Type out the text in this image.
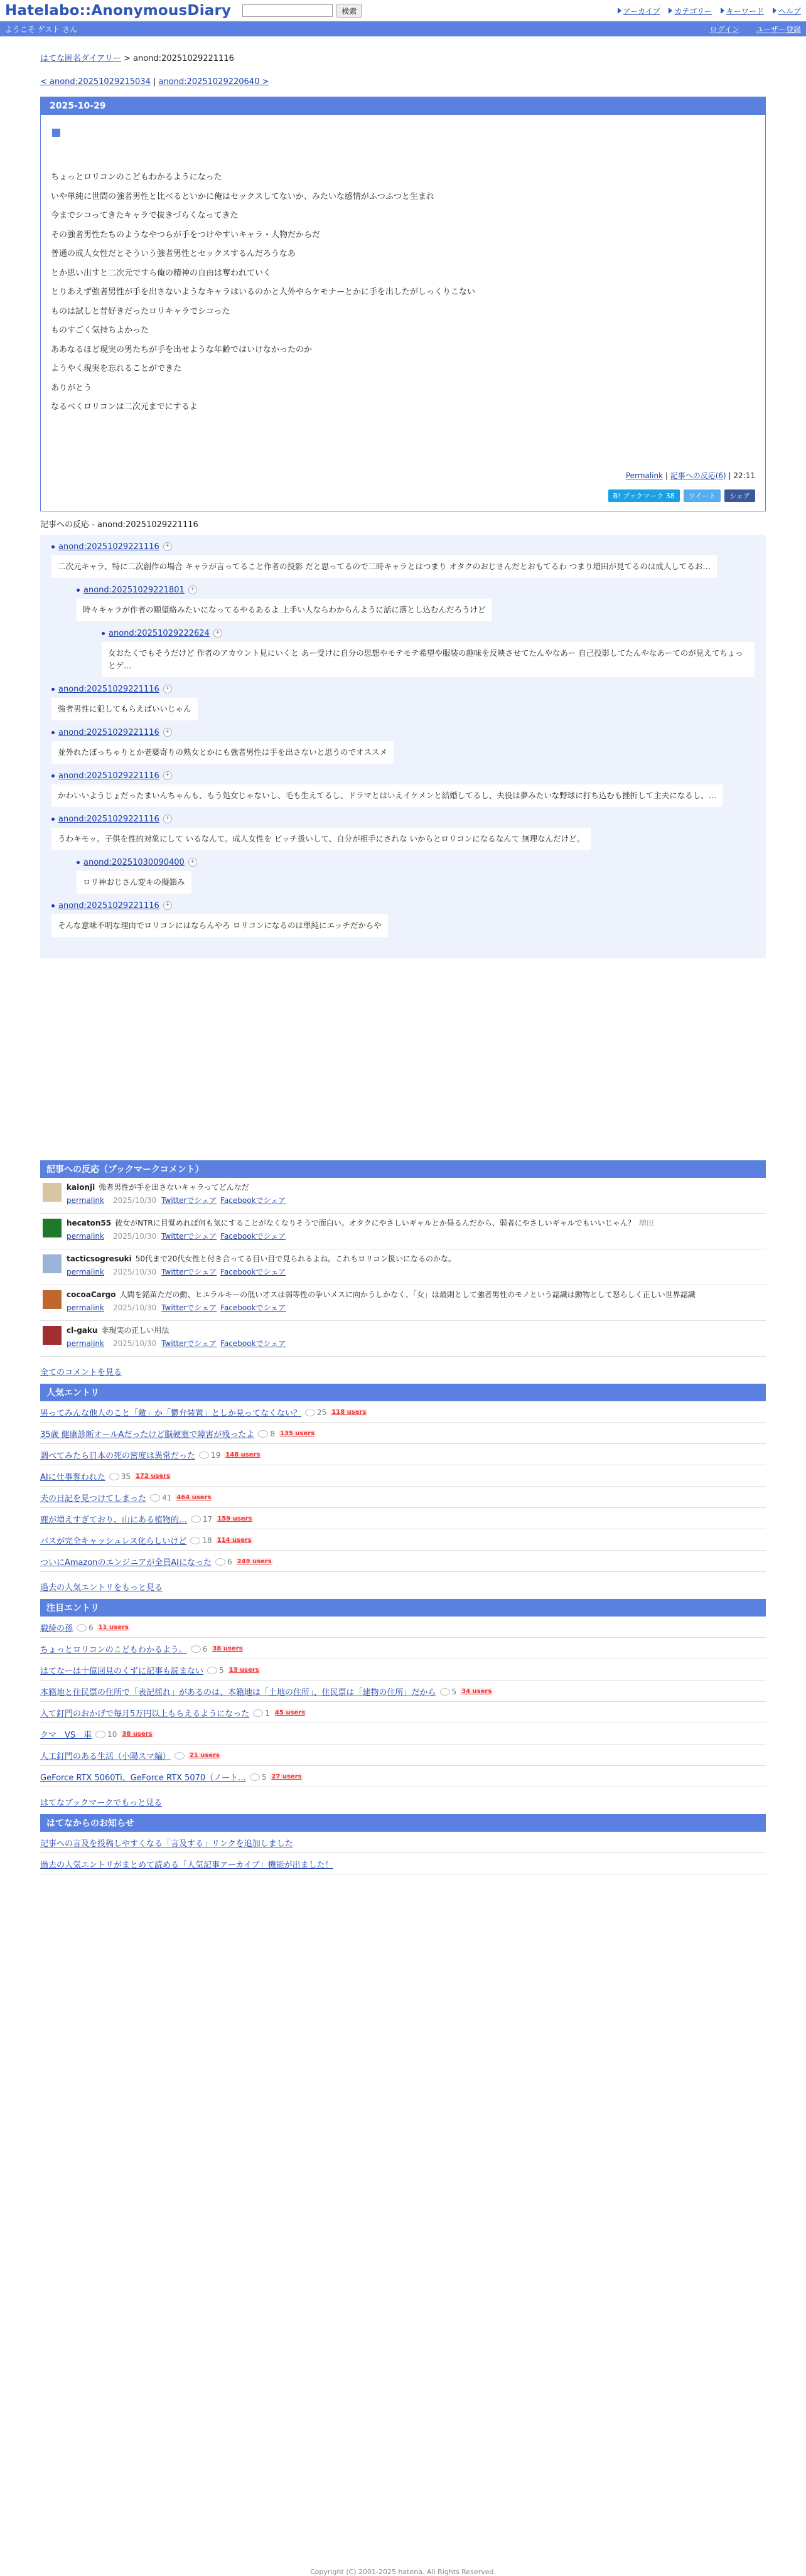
Hatelabo::AnonymousDiary	検索	アーカイブ カテゴリー キーワード ヘルプ
ようこそ ゲスト さん	ログイン ユーザー登録
はてな匿名ダイアリー > anond:20251029221116
< anond:20251029215034 | anond:20251029220640 >
2025-10-29
ちょっとロリコンのこどもわかるようになった
いや単純に世間の強者男性と比べるといかに俺はセックスしてないか、みたいな感情がふつふつと生まれ
今までシコってきたキャラで抜きづらくなってきた
その強者男性たちのようなやつらが手をつけやすいキャラ・人物だからだ
普通の成人女性だとそういう強者男性とセックスするんだろうなあ
とか思い出すと二次元ですら俺の精神の自由は奪われていく
とりあえず強者男性が手を出さないようなキャラはいるのかと人外やらケモナーとかに手を出したがしっくりこない
ものは試しと昔好きだったロリキャラでシコった
ものすごく気持ちよかった
ああなるほど現実の男たちが手を出せような年齢ではいけなかったのか
ようやく現実を忘れることができた
ありがとう
なるべくロリコンは二次元までにするよ
Permalink | 記事への反応(6) | 22:11
B! ブックマーク 38	ツイート	シェア
記事への反応 - anond:20251029221116
anond:20251029221116	+
二次元キャラ、特に二次創作の場合 キャラが言ってること作者の投影 だと思ってるので二時キャラとはつまり オタクのおじさんだとおもてるわ つまり増田が見てるのは成人してるお…
anond:20251029221801	+
時々キャラが作者の願望絡みたいになってるやるあるよ 上手い人ならわからんように話に落とし込むんだろうけど
anond:20251029222624	+
女おたくでもそうだけど 作者のアカウント見にいくと あー受けに自分の思想やモテモテ希望や服装の趣味を反映させてたんやなあー 自己投影してたんやなあーてのが見えてちょっとゲ…
anond:20251029221116	+
強者男性に犯してもらえばいいじゃん
anond:20251029221116	+
並外れたぽっちゃりとか老婆寄りの熟女とかにも強者男性は手を出さないと思うのでオススメ
anond:20251029221116	+
かわいいようじょだったまいんちゃんも、もう処女じゃないし、毛も生えてるし、ドラマとはいえイケメンと結婚してるし、夫役は夢みたいな野球に打ち込むも挫折して主夫になるし、…
anond:20251029221116	+
うわキモッ。子供を性的対象にして いるなんて。成人女性を ビッチ扱いして、自分が相手にされな いからとロリコンになるなんて 無理なんだけど。
anond:20251030090400	+
ロリ神おじさん変キの擬鎖み
anond:20251029221116	+
そんな意味不明な理由でロリコンにはならんやろ ロリコンになるのは単純にエッチだからや
記事への反応（ブックマークコメント）
kaionji 強者男性が手を出さないキャラってどんなだ
permalink 2025/10/30 Twitterでシェア Facebookでシェア
hecaton55 彼女がNTRに目覚めれば何も気にすることがなくなりそうで面白い。オタクにやさしいギャルとか昼るんだから、弱者にやさしいギャルでもいいじゃん？ 増田
permalink 2025/10/30 Twitterでシェア Facebookでシェア
tacticsogresuki 50代まで20代女性と付き合ってる目い目で見られるよね。これもロリコン扱いになるのかな。
permalink 2025/10/30 Twitterでシェア Facebookでシェア
cocoaCargo 人間を銘苗ただの動、ヒエラルキーの低い才スは弱等性の争いメスに向かうしかなく、「女」は最則として強者男性のモノという認識は動物として怒らしく正しい世界認識
permalink 2025/10/30 Twitterでシェア Facebookでシェア
cl-gaku 非現実の正しい用法
permalink 2025/10/30 Twitterでシェア Facebookでシェア
全てのコメントを見る
人気エントリ
男ってみんな他人のこと「敵」か「鬱弁装置」としか見ってなくない？ 25 118 users
35歳 健康診断オールAだったけど脳硬塞で障害が残ったよ 8 135 users
調べてみたら日本の死の密度は異常だった 19 148 users
AIに仕事奪われた 35 172 users
夫の日記を見つけてしまった 41 464 users
鹿が増えすぎており、山にある植物的… 17 159 users
パスが完全キャッシュレス化らしいけど 18 114 users
ついにAmazonのエンジニアが全員AIになった 6 249 users
過去の人気エントリをもっと見る
注目エントリ
職綺の孫 6 11 users
ちょっとロリコンのこどもわかるよう。 6 38 users
はてなーは十億回見のくずに記事も読まない 5 13 users
本籍地と住民票の住所で「表記揺れ」があるのは、本籍地は「土地の住所」、住民票は「建物の住所」だから 5 34 users
入て釘門のおかげで毎月5万円以上もらえるようになった 1 45 users
クマ　VS　車 10 38 users
人工釘門のある生活（小陽スマ編）	21 users
GeForce RTX 5060Ti、GeForce RTX 5070（ノート… 5 27 users
はてなブックマークでもっと見る
はてなからのお知らせ
記事への言及を投稿しやすくなる「言及する」リンクを追加しました
過去の人気エントリがまとめて読める「人気記事アーカイブ」機能が出ました！
Copyright (C) 2001-2025 hatena. All Rights Reserved.
